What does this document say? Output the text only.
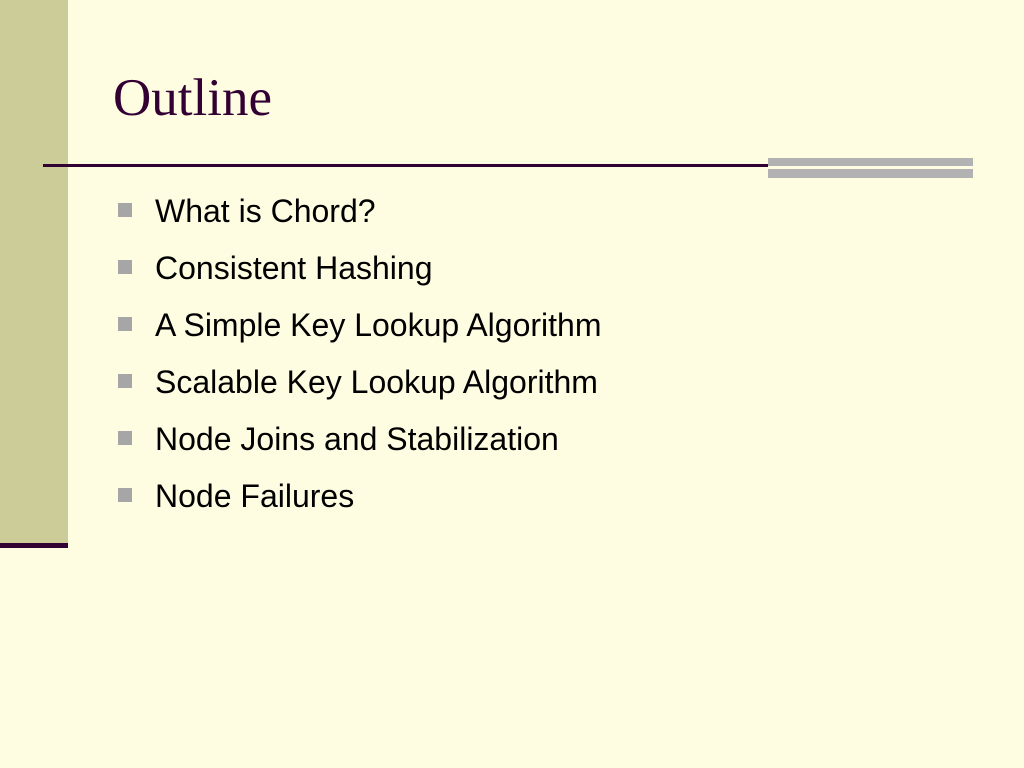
Outline
What is Chord?
Consistent Hashing
A Simple Key Lookup Algorithm
Scalable Key Lookup Algorithm
Node Joins and Stabilization
Node Failures
